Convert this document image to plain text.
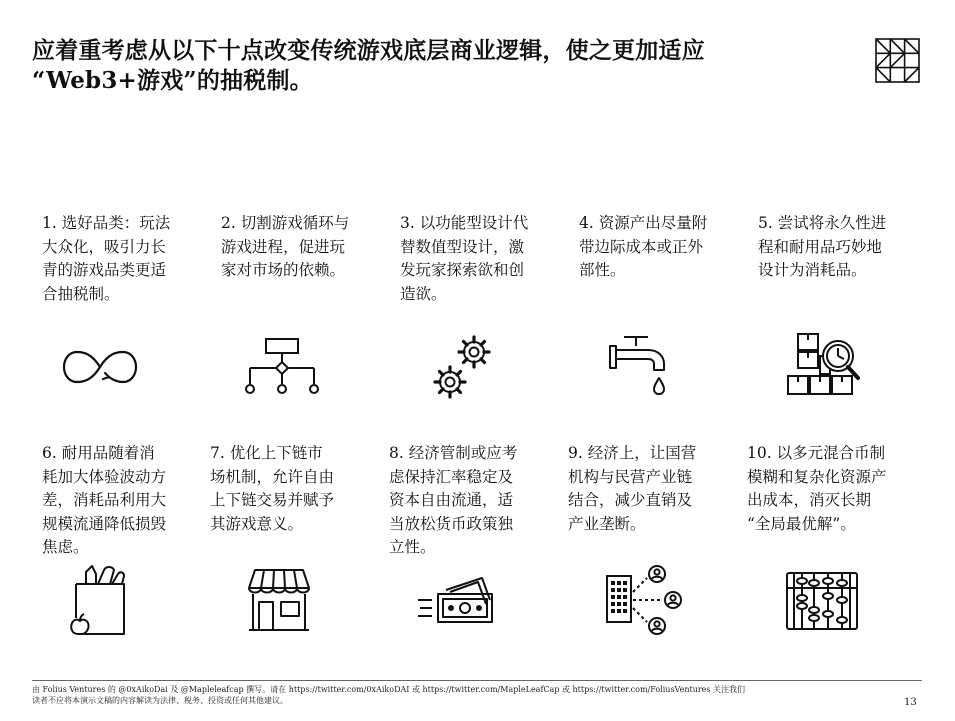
应着重考虑从以下十点改变传统游戏底层商业逻辑，使之更加适应
“Web3+游戏”的抽税制。
1. 选好品类：玩法
大众化，吸引力长
青的游戏品类更适
合抽税制。
2. 切割游戏循环与
游戏进程，促进玩
家对市场的依赖。
3. 以功能型设计代
替数值型设计，激
发玩家探索欲和创
造欲。
4. 资源产出尽量附
带边际成本或正外
部性。
5. 尝试将永久性进
程和耐用品巧妙地
设计为消耗品。
6. 耐用品随着消
耗加大体验波动方
差，消耗品利用大
规模流通降低损毁
焦虑。
7. 优化上下链市
场机制，允许自由
上下链交易并赋予
其游戏意义。
8. 经济管制或应考
虑保持汇率稳定及
资本自由流通，适
当放松货币政策独
立性。
9. 经济上，让国营
机构与民营产业链
结合，减少直销及
产业垄断。
10. 以多元混合币制
模糊和复杂化资源产
出成本，消灭长期
“全局最优解”。
由 Folius Ventures 的 @0xAikoDai 及 @Mapleleafcap 撰写。请在 https://twitter.com/0xAikoDAI 或 https://twitter.com/MapleLeafCap 或 https://twitter.com/FoliusVentures 关注我们
读者不应将本演示文稿的内容解读为法律、税务、投资或任何其他建议。	13
